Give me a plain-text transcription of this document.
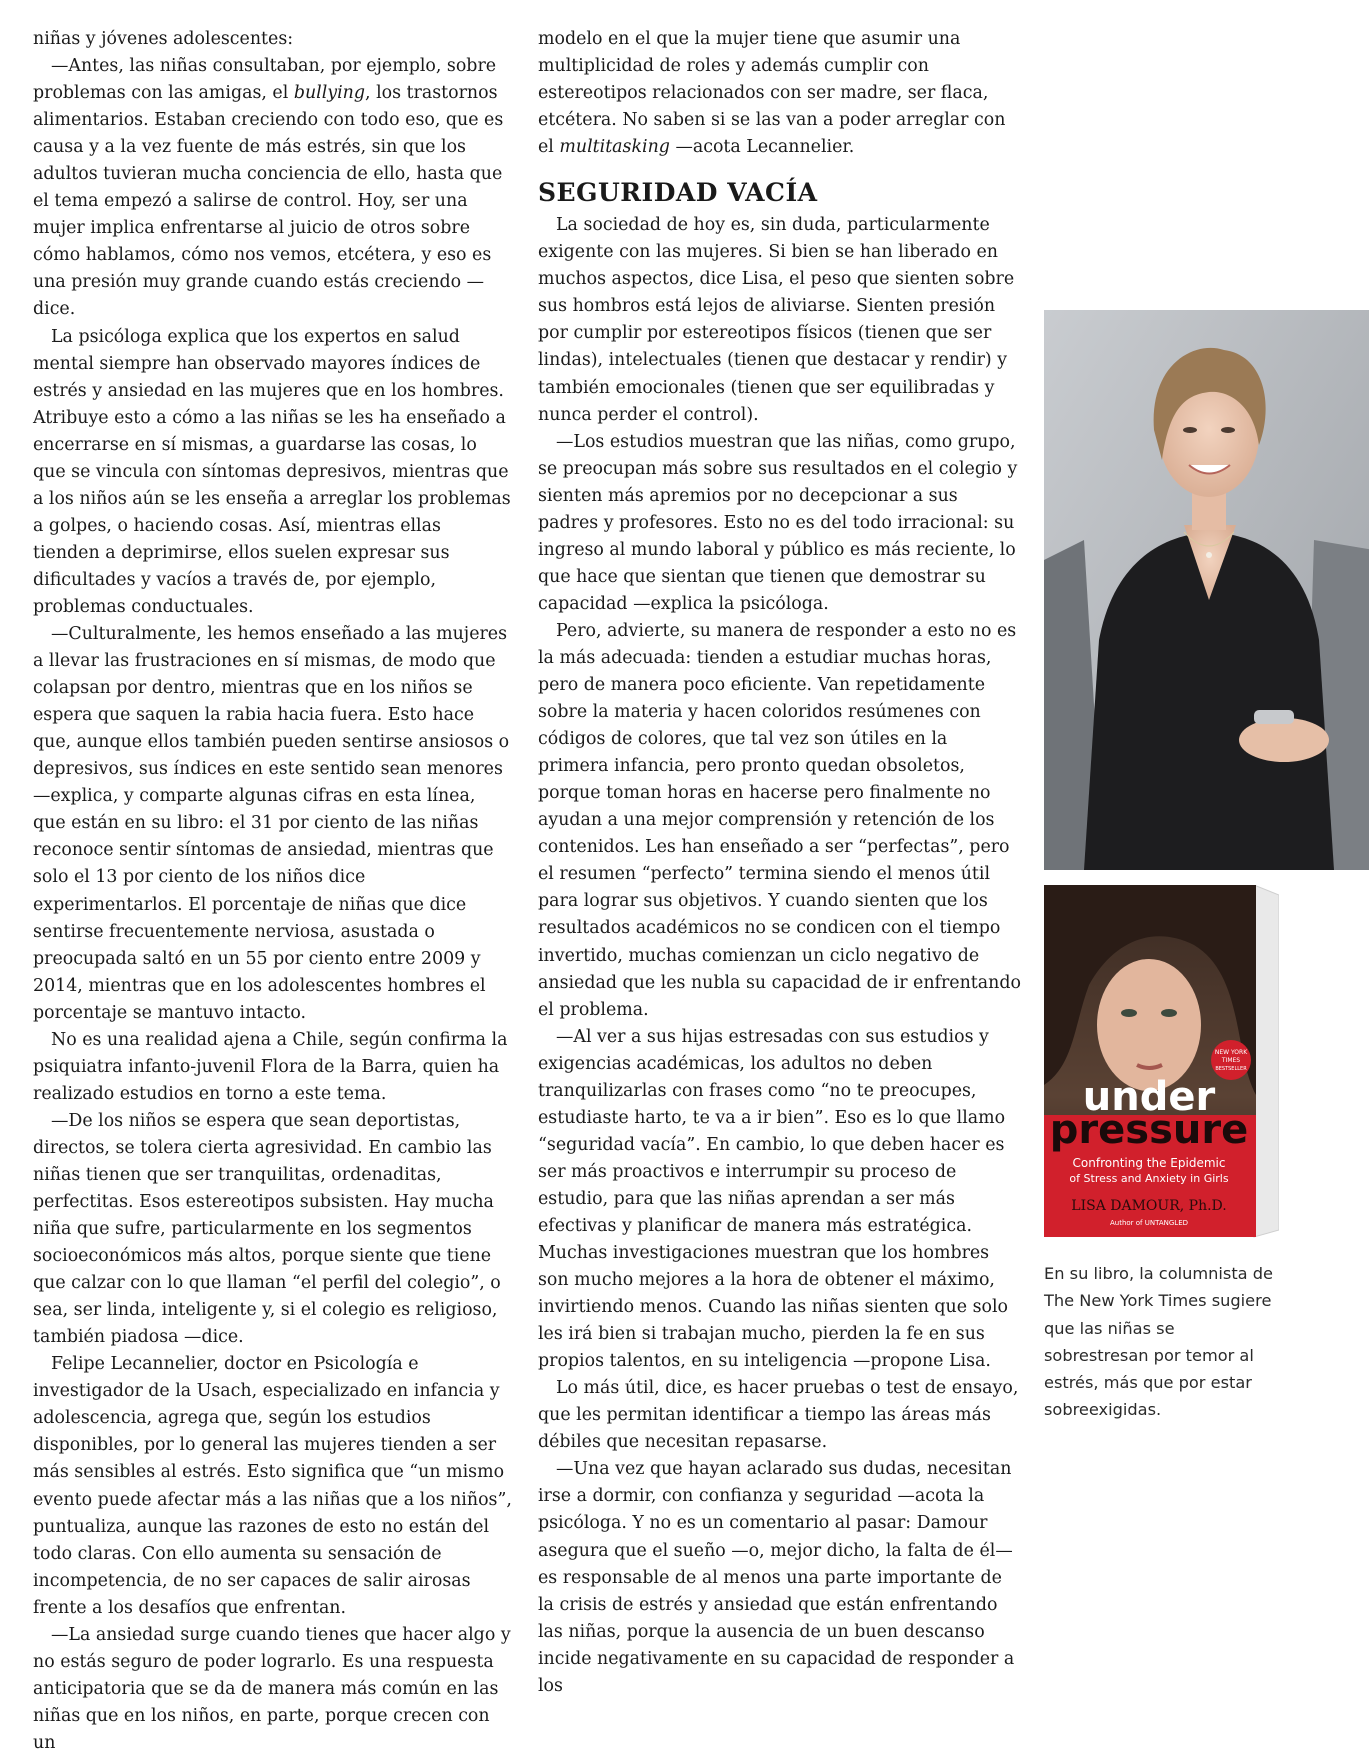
niñas y jóvenes adolescentes:

—Antes, las niñas consultaban, por ejemplo, sobre problemas con las amigas, el bullying, los trastornos alimentarios. Estaban creciendo con todo eso, que es causa y a la vez fuente de más estrés, sin que los adultos tuvieran mucha conciencia de ello, hasta que el tema empezó a salirse de control. Hoy, ser una mujer implica enfrentarse al juicio de otros sobre cómo hablamos, cómo nos vemos, etcétera, y eso es una presión muy grande cuando estás creciendo —dice.

La psicóloga explica que los expertos en salud mental siempre han observado mayores índices de estrés y ansiedad en las mujeres que en los hombres. Atribuye esto a cómo a las niñas se les ha enseñado a encerrarse en sí mismas, a guardarse las cosas, lo que se vincula con síntomas depresivos, mientras que a los niños aún se les enseña a arreglar los problemas a golpes, o haciendo cosas. Así, mientras ellas tienden a deprimirse, ellos suelen expresar sus dificultades y vacíos a través de, por ejemplo, problemas conductuales.

—Culturalmente, les hemos enseñado a las mujeres a llevar las frustraciones en sí mismas, de modo que colapsan por dentro, mientras que en los niños se espera que saquen la rabia hacia fuera. Esto hace que, aunque ellos también pueden sentirse ansiosos o depresivos, sus índices en este sentido sean menores —explica, y comparte algunas cifras en esta línea, que están en su libro: el 31 por ciento de las niñas reconoce sentir síntomas de ansiedad, mientras que solo el 13 por ciento de los niños dice experimentarlos. El porcentaje de niñas que dice sentirse frecuentemente nerviosa, asustada o preocupada saltó en un 55 por ciento entre 2009 y 2014, mientras que en los adolescentes hombres el porcentaje se mantuvo intacto.

No es una realidad ajena a Chile, según confirma la psiquiatra infanto-juvenil Flora de la Barra, quien ha realizado estudios en torno a este tema.

—De los niños se espera que sean deportistas, directos, se tolera cierta agresividad. En cambio las niñas tienen que ser tranquilitas, ordenaditas, perfectitas. Esos estereotipos subsisten. Hay mucha niña que sufre, particularmente en los segmentos socioeconómicos más altos, porque siente que tiene que calzar con lo que llaman “el perfil del colegio”, o sea, ser linda, inteligente y, si el colegio es religioso, también piadosa —dice.

Felipe Lecannelier, doctor en Psicología e investigador de la Usach, especializado en infancia y adolescencia, agrega que, según los estudios disponibles, por lo general las mujeres tienden a ser más sensibles al estrés. Esto significa que “un mismo evento puede afectar más a las niñas que a los niños”, puntualiza, aunque las razones de esto no están del todo claras. Con ello aumenta su sensación de incompetencia, de no ser capaces de salir airosas frente a los desafíos que enfrentan.

—La ansiedad surge cuando tienes que hacer algo y no estás seguro de poder lograrlo. Es una respuesta anticipatoria que se da de manera más común en las niñas que en los niños, en parte, porque crecen con un

modelo en el que la mujer tiene que asumir una multiplicidad de roles y además cumplir con estereotipos relacionados con ser madre, ser flaca, etcétera. No saben si se las van a poder arreglar con el multitasking —acota Lecannelier.

SEGURIDAD VACÍA

La sociedad de hoy es, sin duda, particularmente exigente con las mujeres. Si bien se han liberado en muchos aspectos, dice Lisa, el peso que sienten sobre sus hombros está lejos de aliviarse. Sienten presión por cumplir por estereotipos físicos (tienen que ser lindas), intelectuales (tienen que destacar y rendir) y también emocionales (tienen que ser equilibradas y nunca perder el control).

—Los estudios muestran que las niñas, como grupo, se preocupan más sobre sus resultados en el colegio y sienten más apremios por no decepcionar a sus padres y profesores. Esto no es del todo irracional: su ingreso al mundo laboral y público es más reciente, lo que hace que sientan que tienen que demostrar su capacidad —explica la psicóloga.

Pero, advierte, su manera de responder a esto no es la más adecuada: tienden a estudiar muchas horas, pero de manera poco eficiente. Van repetidamente sobre la materia y hacen coloridos resúmenes con códigos de colores, que tal vez son útiles en la primera infancia, pero pronto quedan obsoletos, porque toman horas en hacerse pero finalmente no ayudan a una mejor comprensión y retención de los contenidos. Les han enseñado a ser “perfectas”, pero el resumen “perfecto” termina siendo el menos útil para lograr sus objetivos. Y cuando sienten que los resultados académicos no se condicen con el tiempo invertido, muchas comienzan un ciclo negativo de ansiedad que les nubla su capacidad de ir enfrentando el problema.

—Al ver a sus hijas estresadas con sus estudios y exigencias académicas, los adultos no deben tranquilizarlas con frases como “no te preocupes, estudiaste harto, te va a ir bien”. Eso es lo que llamo “seguridad vacía”. En cambio, lo que deben hacer es ser más proactivos e interrumpir su proceso de estudio, para que las niñas aprendan a ser más efectivas y planificar de manera más estratégica. Muchas investigaciones muestran que los hombres son mucho mejores a la hora de obtener el máximo, invirtiendo menos. Cuando las niñas sienten que solo les irá bien si trabajan mucho, pierden la fe en sus propios talentos, en su inteligencia —propone Lisa.

Lo más útil, dice, es hacer pruebas o test de ensayo, que les permitan identificar a tiempo las áreas más débiles que necesitan repasarse.

—Una vez que hayan aclarado sus dudas, necesitan irse a dormir, con confianza y seguridad —acota la psicóloga. Y no es un comentario al pasar: Damour asegura que el sueño —o, mejor dicho, la falta de él— es responsable de al menos una parte importante de la crisis de estrés y ansiedad que están enfrentando las niñas, porque la ausencia de un buen descanso incide negativamente en su capacidad de responder a los

NEW YORK
TIMES
BESTSELLER
under
pressure
Confronting the Epidemic
of Stress and Anxiety in Girls
LISA DAMOUR, Ph.D.
Author of UNTANGLED
En su libro, la columnista de The New York Times sugiere que las niñas se sobrestresan por temor al estrés, más que por estar sobreexigidas.
